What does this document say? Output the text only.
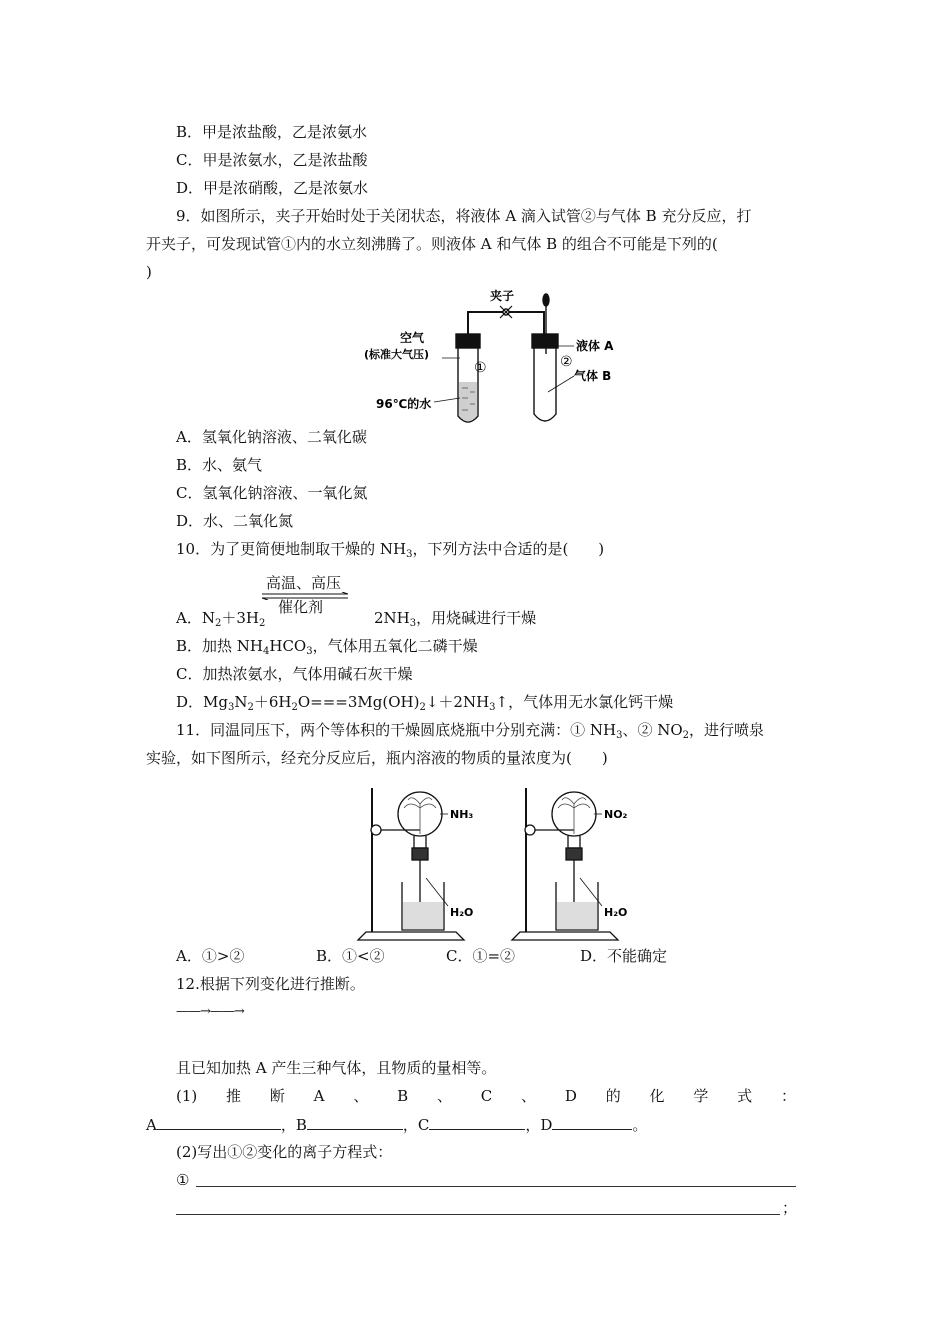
B．甲是浓盐酸，乙是浓氨水
C．甲是浓氨水，乙是浓盐酸
D．甲是浓硝酸，乙是浓氨水
9．如图所示，夹子开始时处于关闭状态，将液体 A 滴入试管②与气体 B 充分反应，打
开夹子，可发现试管①内的水立刻沸腾了。则液体 A 和气体 B 的组合不可能是下列的(
)
夹子
空气
(标准大气压)
①	②
液体 A
气体 B
96℃的水
A．氢氧化钠溶液、二氧化碳
B．水、氨气
C．氢氧化钠溶液、一氧化氮
D．水、二氧化氮
10．为了更简便地制取干燥的 $NH_3$，下列方法中合适的是(　　)
高温、高压
催化剂
A．$N_2+3H_2$	$2NH_3$，用烧碱进行干燥
B．加热 $NH_4HCO_3$，气体用五氧化二磷干燥
C．加热浓氨水，气体用碱石灰干燥
D．$Mg_3N_2+6H_2O===3Mg(OH)_2↓+2NH_3↑$，气体用无水氯化钙干燥
11．同温同压下，两个等体积的干燥圆底烧瓶中分别充满：① $NH_3$、② $NO_2$，进行喷泉
实验，如下图所示，经充分反应后，瓶内溶液的物质的量浓度为(　　)
NH₃	NO₂
H₂O	H₂O
A．①>②	B．①<②	C．①=②	D．不能确定
12.根据下列变化进行推断。
——→——→
且已知加热 A 产生三种气体，且物质的量相等。
(1) 推 断 A 、 B 、 C 、 D 的 化 学 式 ：
A	，B	，C	，D	。
(2)写出①②变化的离子方程式：
①
；
